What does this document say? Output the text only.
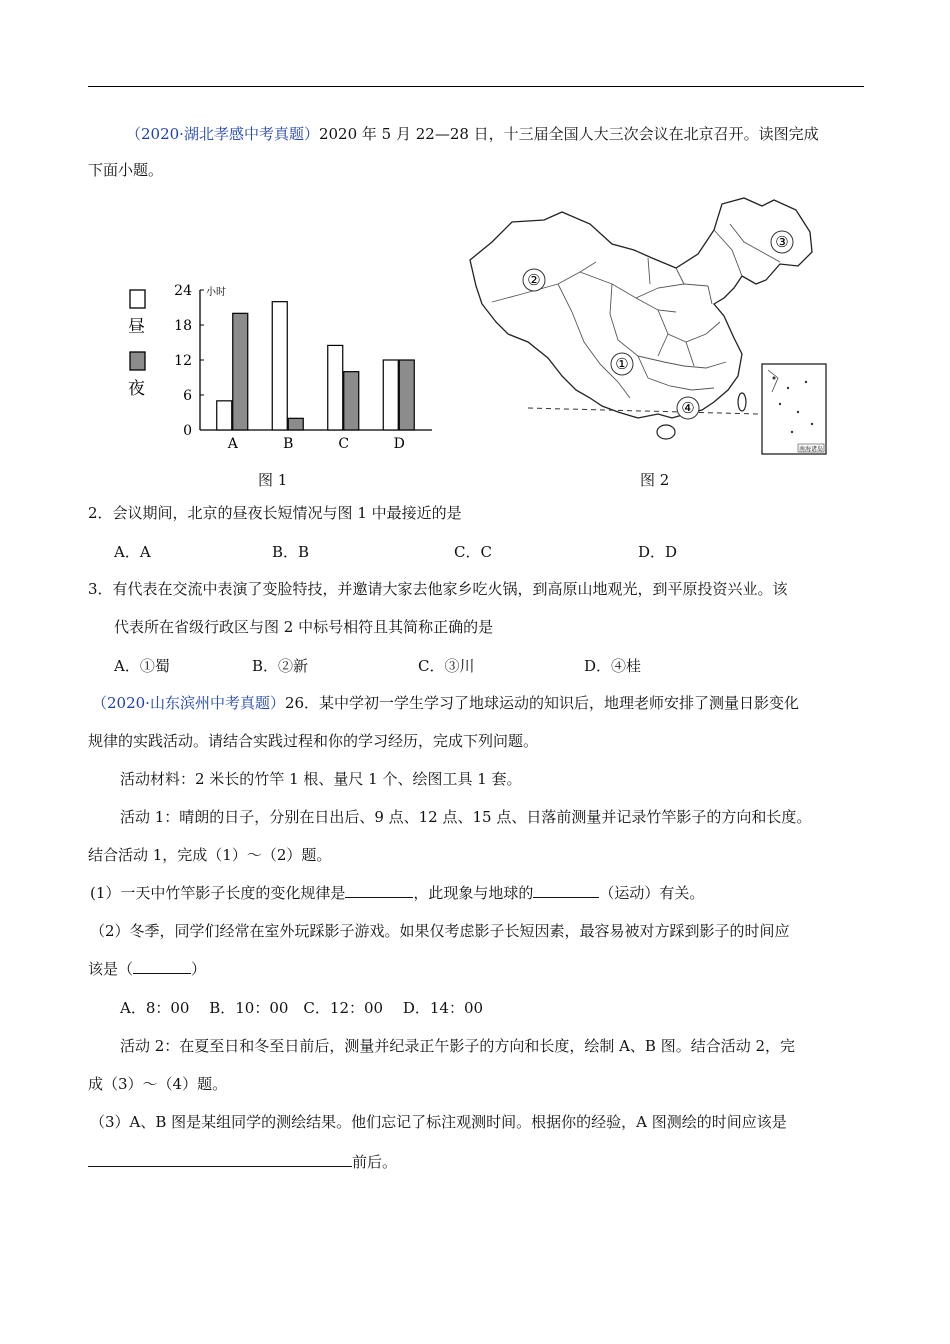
（2020·湖北孝感中考真题）2020 年 5 月 22—28 日，十三届全国人大三次会议在北京召开。读图完成
下面小题。
昼
夜
小时
0
6
12
18
24
A	B	C	D
图 1
②
③
①
④
南海诸岛
图 2
2．会议期间，北京的昼夜长短情况与图 1 中最接近的是
A．A	B．B	C．C	D．D
3．有代表在交流中表演了变脸特技，并邀请大家去他家乡吃火锅，到高原山地观光，到平原投资兴业。该
代表所在省级行政区与图 2 中标号相符且其简称正确的是
A．①蜀	B．②新	C．③川	D．④桂
（2020·山东滨州中考真题）26．某中学初一学生学习了地球运动的知识后，地理老师安排了测量日影变化
规律的实践活动。请结合实践过程和你的学习经历，完成下列问题。
活动材料：2 米长的竹竿 1 根、量尺 1 个、绘图工具 1 套。
活动 1：晴朗的日子，分别在日出后、9 点、12 点、15 点、日落前测量并记录竹竿影子的方向和长度。
结合活动 1，完成（1）～（2）题。
(1）一天中竹竿影子长度的变化规律是	，此现象与地球的	（运动）有关。
（2）冬季，同学们经常在室外玩踩影子游戏。如果仅考虑影子长短因素，最容易被对方踩到影子的时间应
该是（	）
A．8：00　 B．10：00　C．12：00　 D．14：00
活动 2：在夏至日和冬至日前后，测量并纪录正午影子的方向和长度，绘制 A、B 图。结合活动 2，完
成（3）～（4）题。
（3）A、B 图是某组同学的测绘结果。他们忘记了标注观测时间。根据你的经验，A 图测绘的时间应该是
前后。
